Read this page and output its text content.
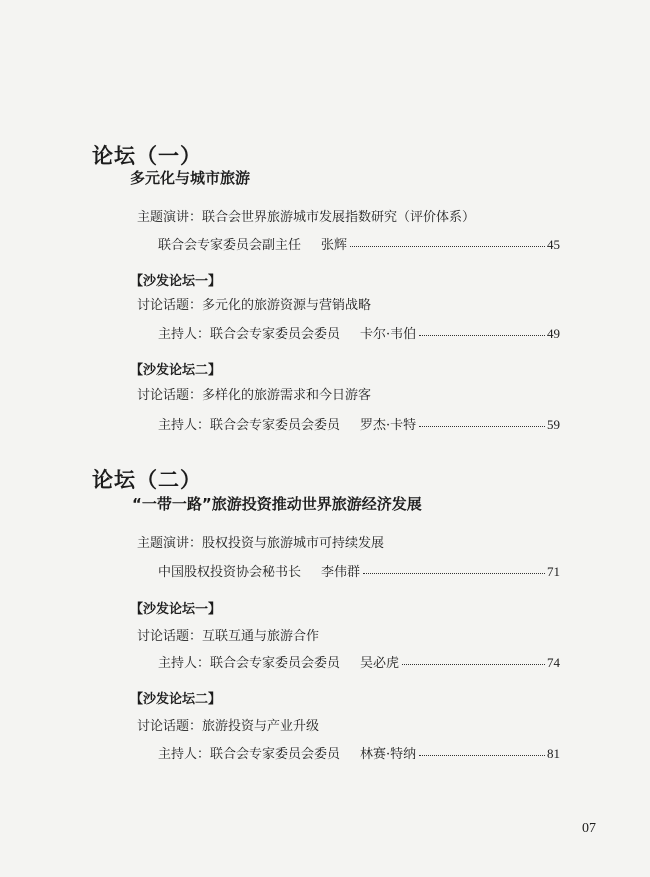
论坛（一）
多元化与城市旅游
主题演讲：联合会世界旅游城市发展指数研究（评价体系）
联合会专家委员会副主任 张辉	45
【沙发论坛一】
讨论话题：多元化的旅游资源与营销战略
主持人：联合会专家委员会委员 卡尔·韦伯	49
【沙发论坛二】
讨论话题：多样化的旅游需求和今日游客
主持人：联合会专家委员会委员 罗杰·卡特	59
论坛（二）
“一带一路”旅游投资推动世界旅游经济发展
主题演讲：股权投资与旅游城市可持续发展
中国股权投资协会秘书长 李伟群	71
【沙发论坛一】
讨论话题：互联互通与旅游合作
主持人：联合会专家委员会委员 吴必虎	74
【沙发论坛二】
讨论话题：旅游投资与产业升级
主持人：联合会专家委员会委员 林赛·特纳	81
07
